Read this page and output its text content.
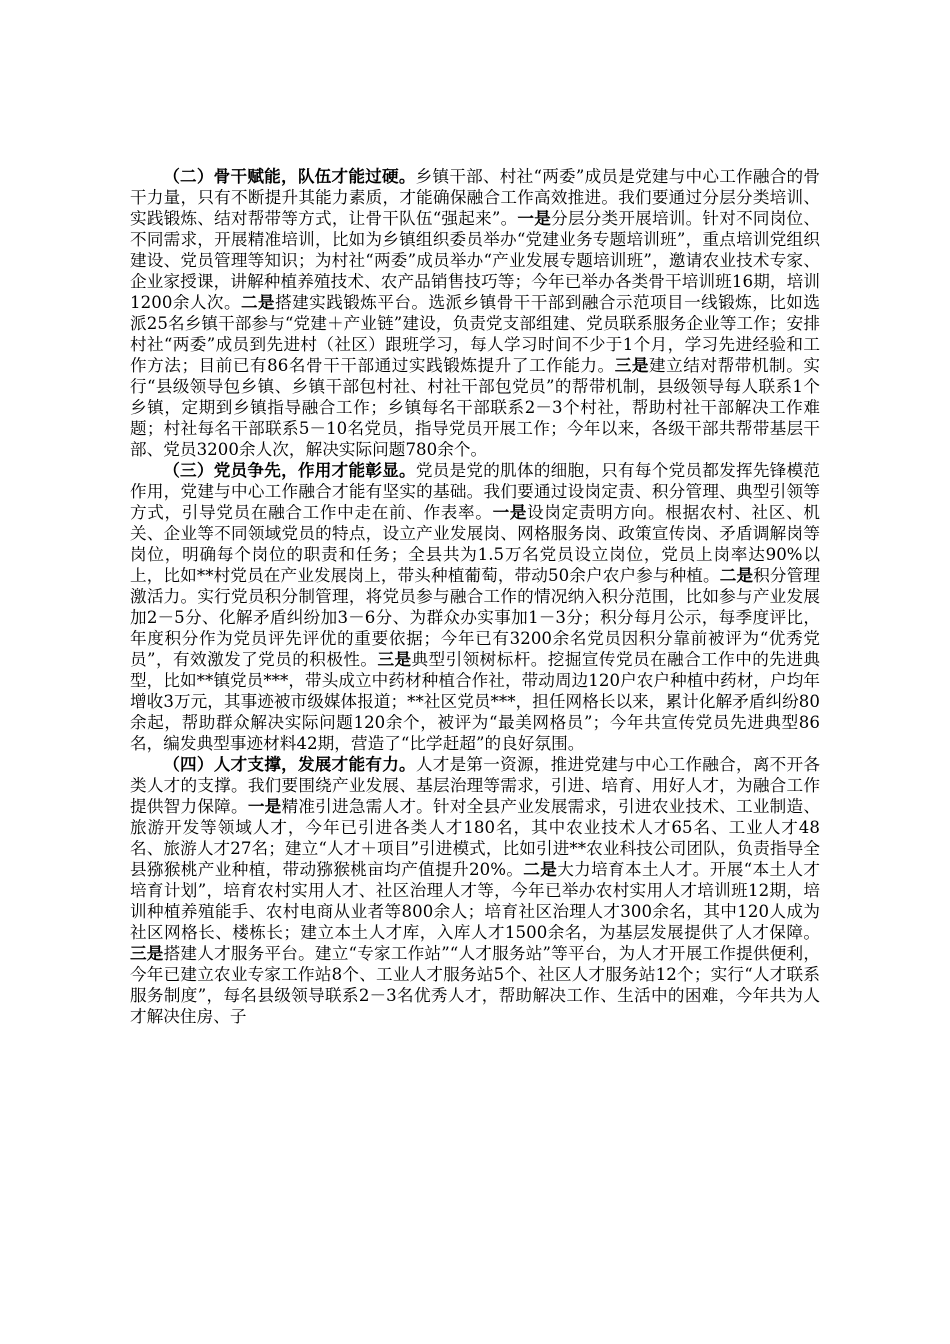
（二）骨干赋能，队伍才能过硬。乡镇干部、村社“两委”成员是党建与中心工作融合的骨干力量，只有不断提升其能力素质，才能确保融合工作高效推进。我们要通过分层分类培训、实践锻炼、结对帮带等方式，让骨干队伍“强起来”。一是分层分类开展培训。针对不同岗位、不同需求，开展精准培训，比如为乡镇组织委员举办“党建业务专题培训班”，重点培训党组织建设、党员管理等知识；为村社“两委”成员举办“产业发展专题培训班”，邀请农业技术专家、企业家授课，讲解种植养殖技术、农产品销售技巧等；今年已举办各类骨干培训班16期，培训1200余人次。二是搭建实践锻炼平台。选派乡镇骨干干部到融合示范项目一线锻炼，比如选派25名乡镇干部参与“党建＋产业链”建设，负责党支部组建、党员联系服务企业等工作；安排村社“两委”成员到先进村（社区）跟班学习，每人学习时间不少于1个月，学习先进经验和工作方法；目前已有86名骨干干部通过实践锻炼提升了工作能力。三是建立结对帮带机制。实行“县级领导包乡镇、乡镇干部包村社、村社干部包党员”的帮带机制，县级领导每人联系1个乡镇，定期到乡镇指导融合工作；乡镇每名干部联系2－3个村社，帮助村社干部解决工作难题；村社每名干部联系5－10名党员，指导党员开展工作；今年以来，各级干部共帮带基层干部、党员3200余人次，解决实际问题780余个。

（三）党员争先，作用才能彰显。党员是党的肌体的细胞，只有每个党员都发挥先锋模范作用，党建与中心工作融合才能有坚实的基础。我们要通过设岗定责、积分管理、典型引领等方式，引导党员在融合工作中走在前、作表率。一是设岗定责明方向。根据农村、社区、机关、企业等不同领域党员的特点，设立产业发展岗、网格服务岗、政策宣传岗、矛盾调解岗等岗位，明确每个岗位的职责和任务；全县共为1.5万名党员设立岗位，党员上岗率达90%以上，比如**村党员在产业发展岗上，带头种植葡萄，带动50余户农户参与种植。二是积分管理激活力。实行党员积分制管理，将党员参与融合工作的情况纳入积分范围，比如参与产业发展加2－5分、化解矛盾纠纷加3－6分、为群众办实事加1－3分；积分每月公示，每季度评比，年度积分作为党员评先评优的重要依据；今年已有3200余名党员因积分靠前被评为“优秀党员”，有效激发了党员的积极性。三是典型引领树标杆。挖掘宣传党员在融合工作中的先进典型，比如**镇党员***，带头成立中药材种植合作社，带动周边120户农户种植中药材，户均年增收3万元，其事迹被市级媒体报道；**社区党员***，担任网格长以来，累计化解矛盾纠纷80余起，帮助群众解决实际问题120余个，被评为“最美网格员”；今年共宣传党员先进典型86名，编发典型事迹材料42期，营造了“比学赶超”的良好氛围。

（四）人才支撑，发展才能有力。人才是第一资源，推进党建与中心工作融合，离不开各类人才的支撑。我们要围绕产业发展、基层治理等需求，引进、培育、用好人才，为融合工作提供智力保障。一是精准引进急需人才。针对全县产业发展需求，引进农业技术、工业制造、旅游开发等领域人才，今年已引进各类人才180名，其中农业技术人才65名、工业人才48名、旅游人才27名；建立“人才＋项目”引进模式，比如引进**农业科技公司团队，负责指导全县猕猴桃产业种植，带动猕猴桃亩均产值提升20%。二是大力培育本土人才。开展“本土人才培育计划”，培育农村实用人才、社区治理人才等，今年已举办农村实用人才培训班12期，培训种植养殖能手、农村电商从业者等800余人；培育社区治理人才300余名，其中120人成为社区网格长、楼栋长；建立本土人才库，入库人才1500余名，为基层发展提供了人才保障。三是搭建人才服务平台。建立“专家工作站”“人才服务站”等平台，为人才开展工作提供便利，今年已建立农业专家工作站8个、工业人才服务站5个、社区人才服务站12个；实行“人才联系服务制度”，每名县级领导联系2－3名优秀人才，帮助解决工作、生活中的困难，今年共为人才解决住房、子
